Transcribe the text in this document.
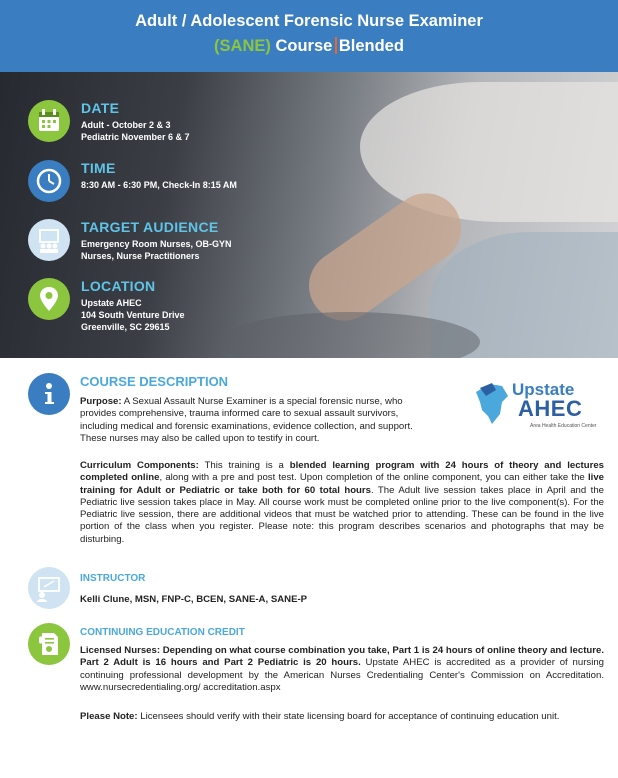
Adult / Adolescent Forensic Nurse Examiner
(SANE) Course Blended
DATE
Adult - October 2 & 3
Pediatric November 6 & 7
TIME
8:30 AM - 6:30 PM, Check-In 8:15 AM
TARGET AUDIENCE
Emergency Room Nurses, OB-GYN
Nurses, Nurse Practitioners
LOCATION
Upstate AHEC
104 South Venture Drive
Greenville, SC 29615
COURSE DESCRIPTION	Upstate
AHEC
Area Health Education Center
Purpose: A Sexual Assault Nurse Examiner is a special forensic nurse, who
provides comprehensive, trauma informed care to sexual assault survivors,
including medical and forensic examinations, evidence collection, and support.
These nurses may also be called upon to testify in court.
Curriculum Components: This training is a blended learning program with 24 hours of theory and lectures completed online, along with a pre and post test. Upon completion of the online component, you can either take the live training for Adult or Pediatric or take both for 60 total hours. The Adult live session takes place in April and the Pediatric live session takes place in May. All course work must be completed online prior to the live component(s). For the Pediatric live session, there are additional videos that must be watched prior to attending. These can be found in the live portion of the class when you register. Please note: this program describes scenarios and photographs that may be disturbing.
INSTRUCTOR
Kelli Clune, MSN, FNP-C, BCEN, SANE-A, SANE-P
CONTINUING EDUCATION CREDIT
Licensed Nurses: Depending on what course combination you take, Part 1 is 24 hours of online theory and lecture. Part 2 Adult is 16 hours and Part 2 Pediatric is 20 hours. Upstate AHEC is accredited as a provider of nursing continuing professional development by the American Nurses Credentialing Center's Commission on Accreditation. www.nursecredentialing.org/ accreditation.aspx
Please Note: Licensees should verify with their state licensing board for acceptance of continuing education unit.
